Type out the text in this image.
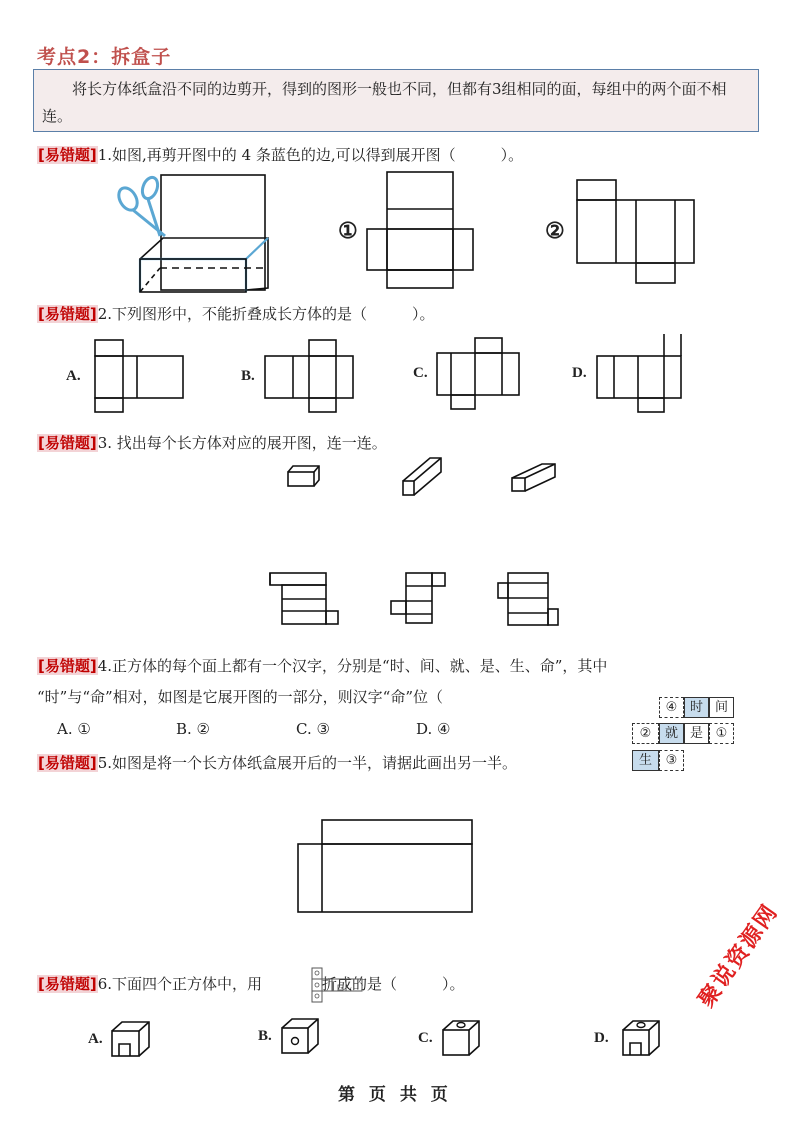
考点2：拆盒子
将长方体纸盒沿不同的边剪开，得到的图形一般也不同，但都有3组相同的面，每组中的两个面不相连。
[易错题]1.如图,再剪开图中的 4 条蓝色的边,可以得到展开图（　　　）。
①	②
[易错题]2.下列图形中，不能折叠成长方体的是（　　　）。
A.	B.	C.	D.
[易错题]3. 找出每个长方体对应的展开图，连一连。
[易错题]4.正方体的每个面上都有一个汉字，分别是“时、间、就、是、生、命”，其中
“时”与“命”相对，如图是它展开图的一部分，则汉字“命”位（
A. ①	B. ②	C. ③	D. ④
④ 时 间
②	就 是 ①
生	③
[易错题]5.如图是将一个长方体纸盒展开后的一半，请据此画出另一半。
[易错题]6.下面四个正方体中，用	折成的是（　　　）。
A.	B.	C.	D.
第 页 共 页
聚说资源网
